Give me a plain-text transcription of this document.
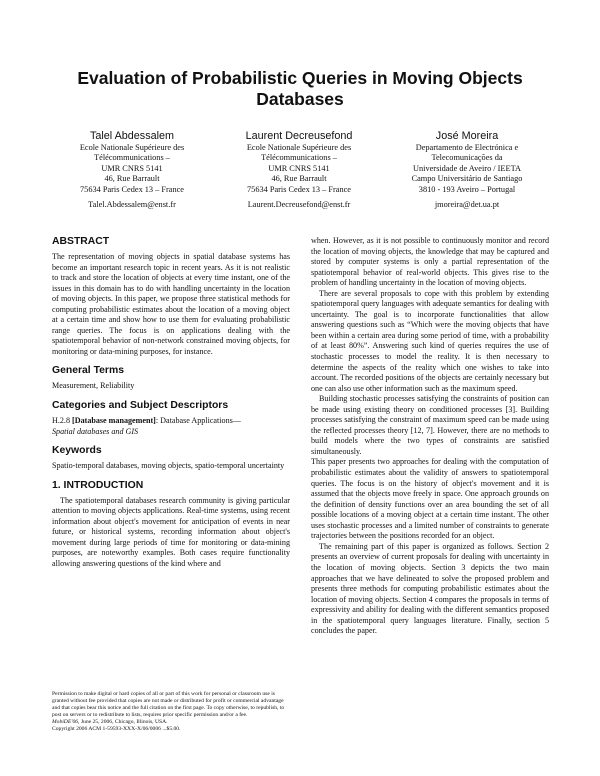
Evaluation of Probabilistic Queries in Moving Objects Databases
Talel Abdessalem
Ecole Nationale Supérieure des
Télécommunications –
UMR CNRS 5141
46, Rue Barrault
75634 Paris Cedex 13 – France
Talel.Abdessalem@enst.fr
Laurent Decreusefond
Ecole Nationale Supérieure des
Télécommunications –
UMR CNRS 5141
46, Rue Barrault
75634 Paris Cedex 13 – France
Laurent.Decreusefond@enst.fr
José Moreira
Departamento de Electrónica e
Telecomunicações da
Universidade de Aveiro / IEETA
Campo Universitário de Santiago
3810 - 193 Aveiro – Portugal
jmoreira@det.ua.pt
ABSTRACT

The representation of moving objects in spatial database systems has become an important research topic in recent years. As it is not realistic to track and store the location of objects at every time instant, one of the issues in this domain has to do with handling uncertainty in the location of moving objects. In this paper, we propose three statistical methods for computing probabilistic estimates about the location of a moving object at a certain time and show how to use them for evaluating probabilistic range queries. The focus is on applications dealing with the spatiotemporal behavior of non-network constrained moving objects, for monitoring or data-mining purposes, for instance.

General Terms

Measurement, Reliability

Categories and Subject Descriptors

H.2.8 [Database management]: Database Applications—
Spatial databases and GIS

Keywords

Spatio-temporal databases, moving objects, spatio-temporal uncertainty

1. INTRODUCTION

The spatiotemporal databases research community is giving particular attention to moving objects applications. Real-time systems, using recent information about object's movement for anticipation of events in near future, or historical systems, recording information about object's movement during large periods of time for monitoring or data-mining purposes, are noteworthy examples. Both cases require functionality allowing answering questions of the kind where and

when. However, as it is not possible to continuously monitor and record the location of moving objects, the knowledge that may be captured and stored by computer systems is only a partial representation of the spatiotemporal behavior of real-world objects. This gives rise to the problem of handling uncertainty in the location of moving objects.

There are several proposals to cope with this problem by extending spatiotemporal query languages with adequate semantics for dealing with uncertainty. The goal is to incorporate functionalities that allow answering questions such as “Which were the moving objects that have been within a certain area during some period of time, with a probability of at least 80%”. Answering such kind of queries requires the use of stochastic processes to model the reality. It is then necessary to determine the aspects of the reality which one wishes to take into account. The recorded positions of the objects are certainly necessary but one can also use other information such as the maximum speed.

Building stochastic processes satisfying the constraints of position can be made using existing theory on conditioned processes [3]. Building processes satisfying the constraint of maximum speed can be made using the reflected processes theory [12, 7]. However, there are no methods to build models where the two types of constraints are satisfied simultaneously.

This paper presents two approaches for dealing with the computation of probabilistic estimates about the validity of answers to spatiotemporal queries. The focus is on the history of object's movement and it is assumed that the objects move freely in space. One approach grounds on the definition of density functions over an area bounding the set of all possible locations of a moving object at a certain time instant. The other uses stochastic processes and a limited number of constraints to generate trajectories between the positions recorded for an object.

The remaining part of this paper is organized as follows. Section 2 presents an overview of current proposals for dealing with uncertainty in the location of moving objects. Section 3 depicts the two main approaches that we have delineated to solve the proposed problem and presents three methods for computing probabilistic estimates about the location of moving objects. Section 4 compares the proposals in terms of expressivity and ability for dealing with the different semantics proposed in the spatiotemporal query languages literature. Finally, section 5 concludes the paper.

Permission to make digital or hard copies of all or part of this work for personal or classroom use is granted without fee provided that copies are not made or distributed for profit or commercial advantage and that copies bear this notice and the full citation on the first page. To copy otherwise, to republish, to post on servers or to redistribute to lists, requires prior specific permission and/or a fee.
MobiDE'06, June 25, 2006, Chicago, Illinois, USA.
Copyright 2006 ACM 1-59593-XXX-X/06/0006 ...$5.00.
